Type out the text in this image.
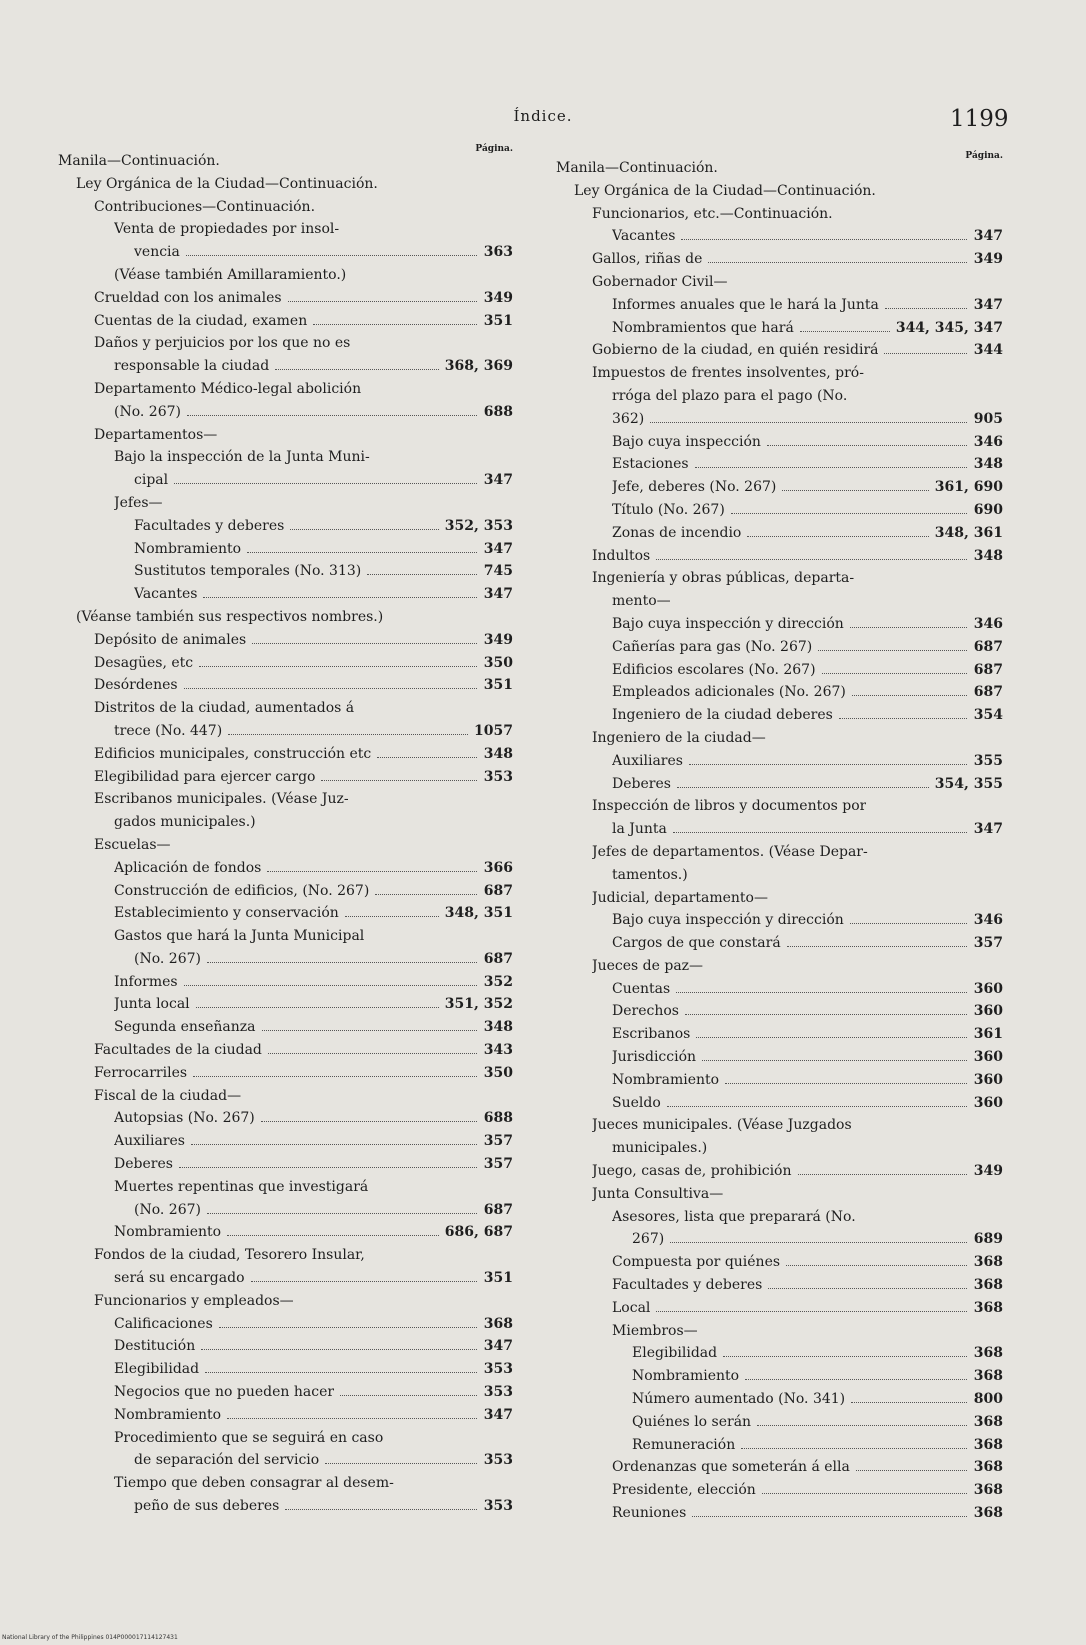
Índice.	1199
Página.
Manila—Continuación.
Ley Orgánica de la Ciudad—Continuación.
Contribuciones—Continuación.
Venta de propiedades por insol-
vencia	363
(Véase también Amillaramiento.)
Crueldad con los animales	349
Cuentas de la ciudad, examen	351
Daños y perjuicios por los que no es
responsable la ciudad	368, 369
Departamento Médico-legal abolición
(No. 267)	688
Departamentos—
Bajo la inspección de la Junta Muni-
cipal	347
Jefes—
Facultades y deberes	352, 353
Nombramiento	347
Sustitutos temporales (No. 313)	745
Vacantes	347
(Véanse también sus respectivos nombres.)
Depósito de animales	349
Desagües, etc	350
Desórdenes	351
Distritos de la ciudad, aumentados á
trece (No. 447)	1057
Edificios municipales, construcción etc	348
Elegibilidad para ejercer cargo	353
Escribanos municipales. (Véase Juz-
gados municipales.)
Escuelas—
Aplicación de fondos	366
Construcción de edificios, (No. 267)	687
Establecimiento y conservación	348, 351
Gastos que hará la Junta Municipal
(No. 267)	687
Informes	352
Junta local	351, 352
Segunda enseñanza	348
Facultades de la ciudad	343
Ferrocarriles	350
Fiscal de la ciudad—
Autopsias (No. 267)	688
Auxiliares	357
Deberes	357
Muertes repentinas que investigará
(No. 267)	687
Nombramiento	686, 687
Fondos de la ciudad, Tesorero Insular,
será su encargado	351
Funcionarios y empleados—
Calificaciones	368
Destitución	347
Elegibilidad	353
Negocios que no pueden hacer	353
Nombramiento	347
Procedimiento que se seguirá en caso
de separación del servicio	353
Tiempo que deben consagrar al desem-
peño de sus deberes	353
Página.
Manila—Continuación.
Ley Orgánica de la Ciudad—Continuación.
Funcionarios, etc.—Continuación.
Vacantes	347
Gallos, riñas de	349
Gobernador Civil—
Informes anuales que le hará la Junta	347
Nombramientos que hará	344, 345, 347
Gobierno de la ciudad, en quién residirá	344
Impuestos de frentes insolventes, pró-
rróga del plazo para el pago (No.
362)	905
Bajo cuya inspección	346
Estaciones	348
Jefe, deberes (No. 267)	361, 690
Título (No. 267)	690
Zonas de incendio	348, 361
Indultos	348
Ingeniería y obras públicas, departa-
mento—
Bajo cuya inspección y dirección	346
Cañerías para gas (No. 267)	687
Edificios escolares (No. 267)	687
Empleados adicionales (No. 267)	687
Ingeniero de la ciudad deberes	354
Ingeniero de la ciudad—
Auxiliares	355
Deberes	354, 355
Inspección de libros y documentos por
la Junta	347
Jefes de departamentos. (Véase Depar-
tamentos.)
Judicial, departamento—
Bajo cuya inspección y dirección	346
Cargos de que constará	357
Jueces de paz—
Cuentas	360
Derechos	360
Escribanos	361
Jurisdicción	360
Nombramiento	360
Sueldo	360
Jueces municipales. (Véase Juzgados
municipales.)
Juego, casas de, prohibición	349
Junta Consultiva—
Asesores, lista que preparará (No.
267)	689
Compuesta por quiénes	368
Facultades y deberes	368
Local	368
Miembros—
Elegibilidad	368
Nombramiento	368
Número aumentado (No. 341)	800
Quiénes lo serán	368
Remuneración	368
Ordenanzas que someterán á ella	368
Presidente, elección	368
Reuniones	368
National Library of the Philippines 014P000017114127431
